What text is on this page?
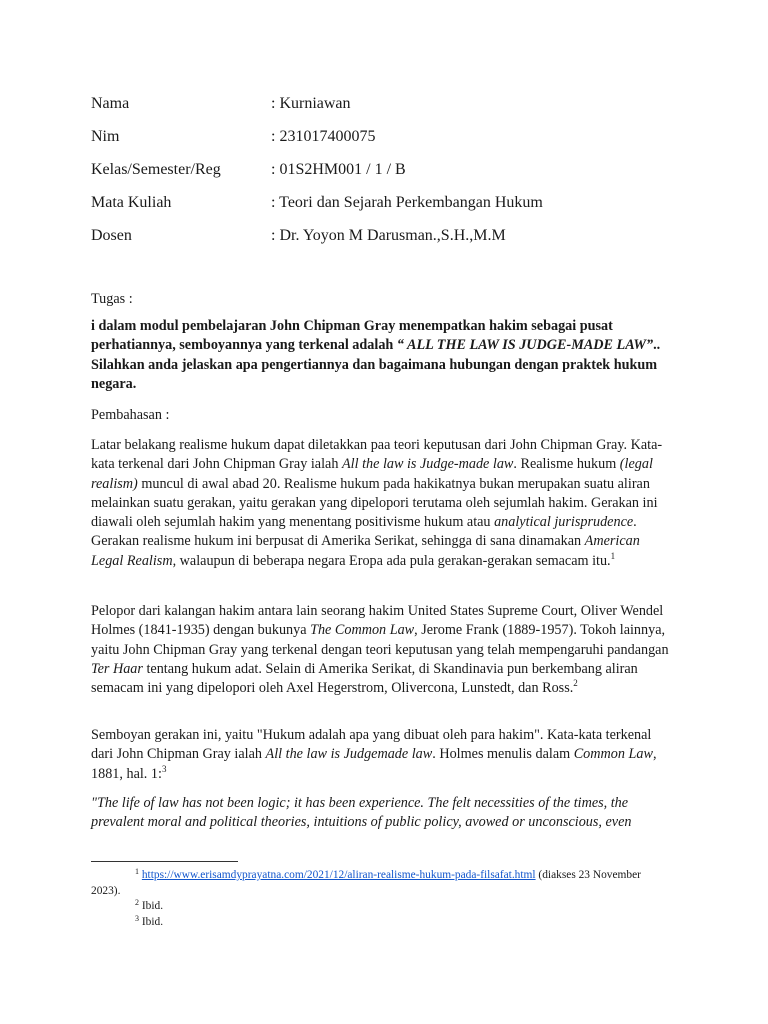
Nama	: Kurniawan
Nim	: 231017400075
Kelas/Semester/Reg	: 01S2HM001 / 1 / B
Mata Kuliah	: Teori dan Sejarah Perkembangan Hukum
Dosen	: Dr. Yoyon M Darusman.,S.H.,M.M
Tugas :

i dalam modul pembelajaran John Chipman Gray menempatkan hakim sebagai pusat perhatiannya, semboyannya yang terkenal adalah “ ALL THE LAW IS JUDGE-MADE LAW”.. Silahkan anda jelaskan apa pengertiannya dan bagaimana hubungan dengan praktek hukum negara.

Pembahasan :

Latar belakang realisme hukum dapat diletakkan paa teori keputusan dari John Chipman Gray. Kata-kata terkenal dari John Chipman Gray ialah All the law is Judge-made law. Realisme hukum (legal realism) muncul di awal abad 20. Realisme hukum pada hakikatnya bukan merupakan suatu aliran melainkan suatu gerakan, yaitu gerakan yang dipelopori terutama oleh sejumlah hakim. Gerakan ini diawali oleh sejumlah hakim yang menentang positivisme hukum atau analytical jurisprudence. Gerakan realisme hukum ini berpusat di Amerika Serikat, sehingga di sana dinamakan American Legal Realism, walaupun di beberapa negara Eropa ada pula gerakan-gerakan semacam itu.$^1$

Pelopor dari kalangan hakim antara lain seorang hakim United States Supreme Court, Oliver Wendel Holmes (1841-1935) dengan bukunya The Common Law, Jerome Frank (1889-1957). Tokoh lainnya, yaitu John Chipman Gray yang terkenal dengan teori keputusan yang telah mempengaruhi pandangan Ter Haar tentang hukum adat. Selain di Amerika Serikat, di Skandinavia pun berkembang aliran semacam ini yang dipelopori oleh Axel Hegerstrom, Olivercona, Lunstedt, dan Ross.$^2$

Semboyan gerakan ini, yaitu "Hukum adalah apa yang dibuat oleh para hakim". Kata-kata terkenal dari John Chipman Gray ialah All the law is Judgemade law. Holmes menulis dalam Common Law, 1881, hal. 1:$^3$

"The life of law has not been logic; it has been experience. The felt necessities of the times, the prevalent moral and political theories, intuitions of public policy, avowed or unconscious, even

$^1$ https://www.erisamdyprayatna.com/2021/12/aliran-realisme-hukum-pada-filsafat.html (diakses 23 November 2023).

$^2$ Ibid.

$^3$ Ibid.
